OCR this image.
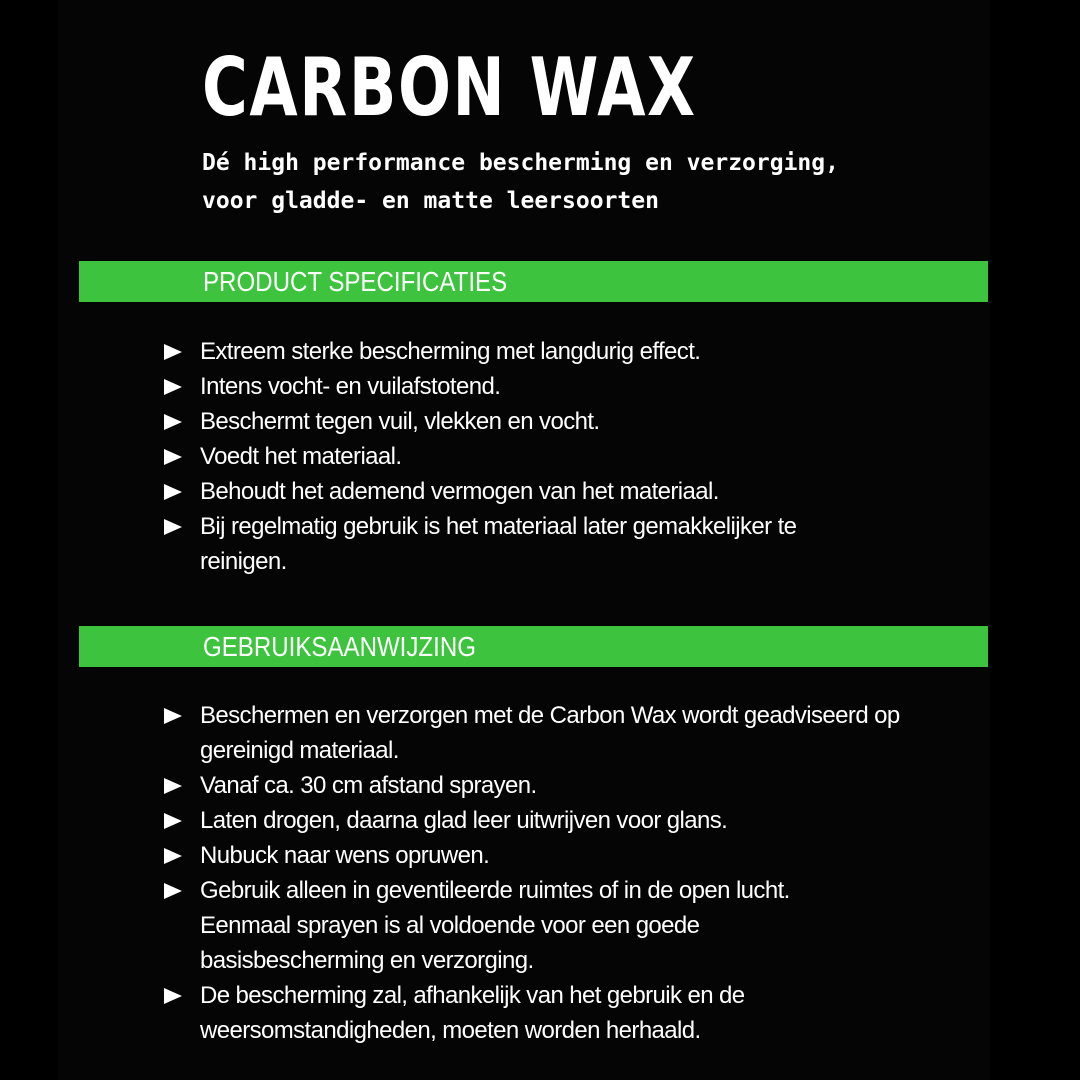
CARBON WAX
Dé high performance bescherming en verzorging,
voor gladde- en matte leersoorten
PRODUCT SPECIFICATIES
Extreem sterke bescherming met langdurig effect.
Intens vocht- en vuilafstotend.
Beschermt tegen vuil, vlekken en vocht.
Voedt het materiaal.
Behoudt het ademend vermogen van het materiaal.
Bij regelmatig gebruik is het materiaal later gemakkelijker te reinigen.
GEBRUIKSAANWIJZING
Beschermen en verzorgen met de Carbon Wax wordt geadviseerd op gereinigd materiaal.
Vanaf ca. 30 cm afstand sprayen.
Laten drogen, daarna glad leer uitwrijven voor glans.
Nubuck naar wens opruwen.
Gebruik alleen in geventileerde ruimtes of in de open lucht. Eenmaal sprayen is al voldoende voor een goede basisbescherming en verzorging.
De bescherming zal, afhankelijk van het gebruik en de weersomstandigheden, moeten worden herhaald.
